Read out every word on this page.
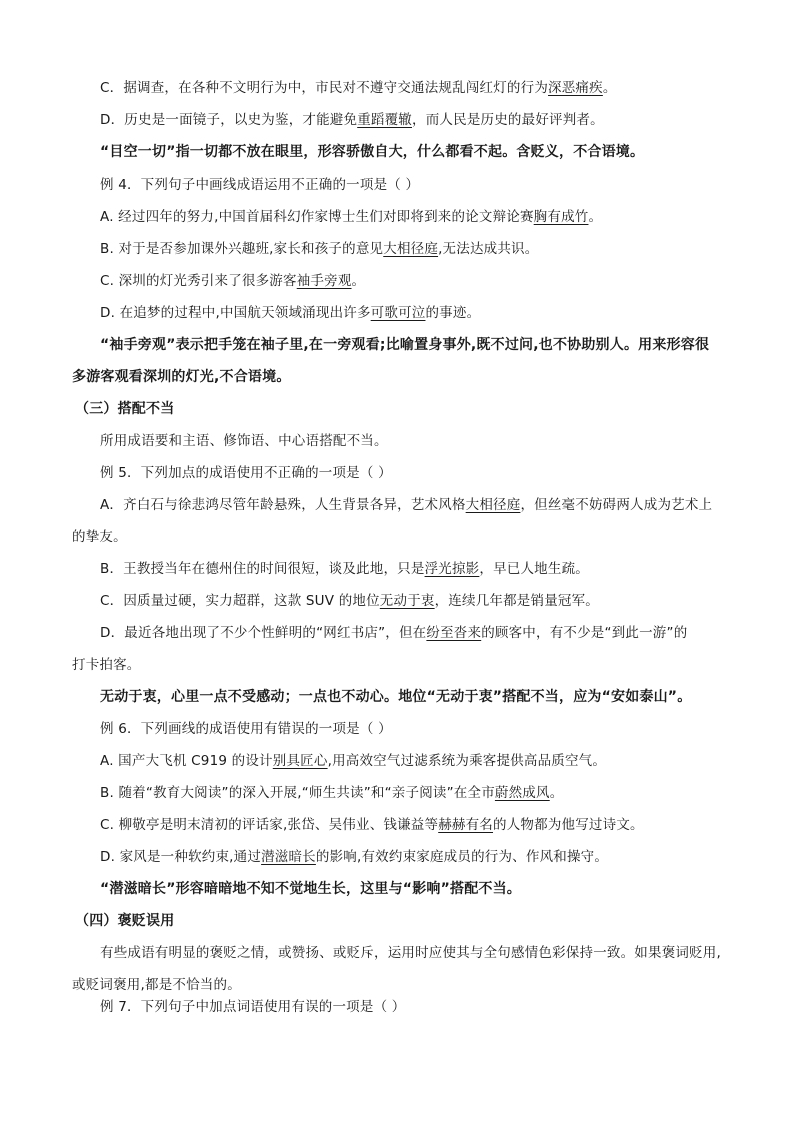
C．据调查，在各种不文明行为中，市民对不遵守交通法规乱闯红灯的行为深恶痛疾。
D．历史是一面镜子，以史为鉴，才能避免重蹈覆辙，而人民是历史的最好评判者。
“目空一切”指一切都不放在眼里，形容骄傲自大，什么都看不起。含贬义，不合语境。
例 4．下列句子中画线成语运用不正确的一项是（ ）
A. 经过四年的努力,中国首届科幻作家博士生们对即将到来的论文辩论赛胸有成竹。
B. 对于是否参加课外兴趣班,家长和孩子的意见大相径庭,无法达成共识。
C. 深圳的灯光秀引来了很多游客袖手旁观。
D. 在追梦的过程中,中国航天领域涌现出许多可歌可泣的事迹。
“袖手旁观”表示把手笼在袖子里,在一旁观看;比喻置身事外,既不过问,也不协助别人。用来形容很
多游客观看深圳的灯光,不合语境。
（三）搭配不当
所用成语要和主语、修饰语、中心语搭配不当。
例 5．下列加点的成语使用不正确的一项是（ ）
A．齐白石与徐悲鸿尽管年龄悬殊，人生背景各异，艺术风格大相径庭，但丝毫不妨碍两人成为艺术上
的挚友。
B．王教授当年在德州住的时间很短，谈及此地，只是浮光掠影，早已人地生疏。
C．因质量过硬，实力超群，这款 SUV 的地位无动于衷，连续几年都是销量冠军。
D．最近各地出现了不少个性鲜明的“网红书店”，但在纷至沓来的顾客中，有不少是“到此一游”的
打卡拍客。
无动于衷，心里一点不受感动；一点也不动心。地位“无动于衷”搭配不当，应为“安如泰山”。
例 6．下列画线的成语使用有错误的一项是（ ）
A. 国产大飞机 C919 的设计别具匠心,用高效空气过滤系统为乘客提供高品质空气。
B. 随着“教育大阅读”的深入开展,“师生共读”和“亲子阅读”在全市蔚然成风。
C. 柳敬亭是明末清初的评话家,张岱、吴伟业、钱谦益等赫赫有名的人物都为他写过诗文。
D. 家风是一种软约束,通过潜滋暗长的影响,有效约束家庭成员的行为、作风和操守。
“潜滋暗长”形容暗暗地不知不觉地生长，这里与“影响”搭配不当。
（四）褒贬误用
有些成语有明显的褒贬之情，或赞扬、或贬斥，运用时应使其与全句感情色彩保持一致。如果褒词贬用,
或贬词褒用,都是不恰当的。
例 7．下列句子中加点词语使用有误的一项是（ ）
